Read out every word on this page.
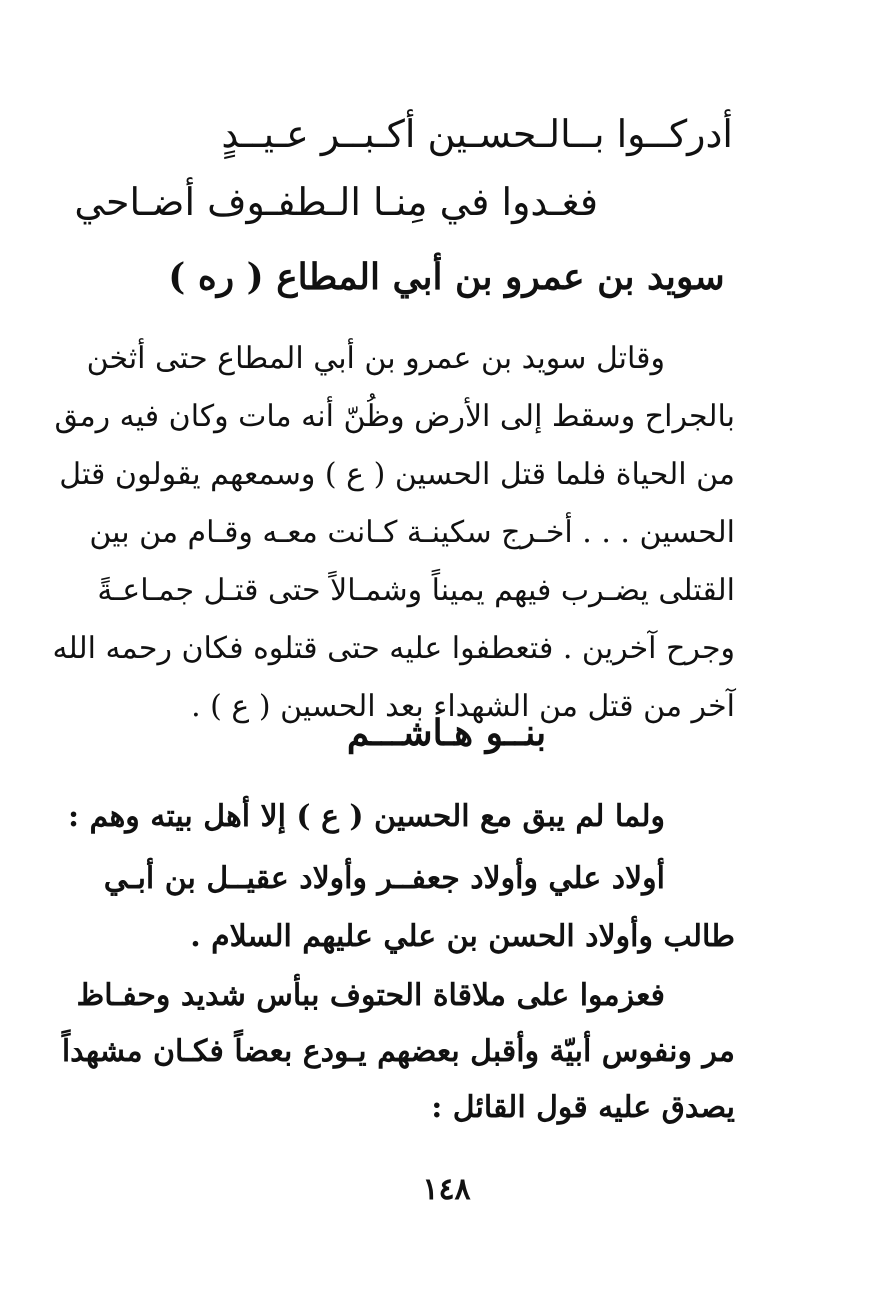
أدركــوا بــالـحسـين أكـبــر عـيــدٍ
فغـدوا في مِنـا الـطفـوف أضـاحي
سويد بن عمرو بن أبي المطاع ( ره )
وقاتل سويد بن عمرو بن أبي المطاع حتى أثخن
بالجراح وسقط إلى الأرض وظُنّ أنه مات وكان فيه رمق
من الحياة فلما قتل الحسين ( ع ) وسمعهم يقولون قتل
الحسين . . . أخـرج سكينـة كـانت معـه وقـام من بين
القتلى يضـرب فيهم يميناً وشمـالاً حتى قتـل جمـاعـةً
وجرح آخرين . فتعطفوا عليه حتى قتلوه فكان رحمه الله
آخر من قتل من الشهداء بعد الحسين ( ع ) .
بنــو هـاشـــم
ولما لم يبق مع الحسين ( ع ) إلا أهل بيته وهم :
أولاد علي وأولاد جعفــر وأولاد عقيــل بن أبـي
طالب وأولاد الحسن بن علي عليهم السلام .
فعزموا على ملاقاة الحتوف ببأس شديد وحفـاظ
مر ونفوس أبيّة وأقبل بعضهم يـودع بعضاً فكـان مشهداً
يصدق عليه قول القائل :
١٤٨
